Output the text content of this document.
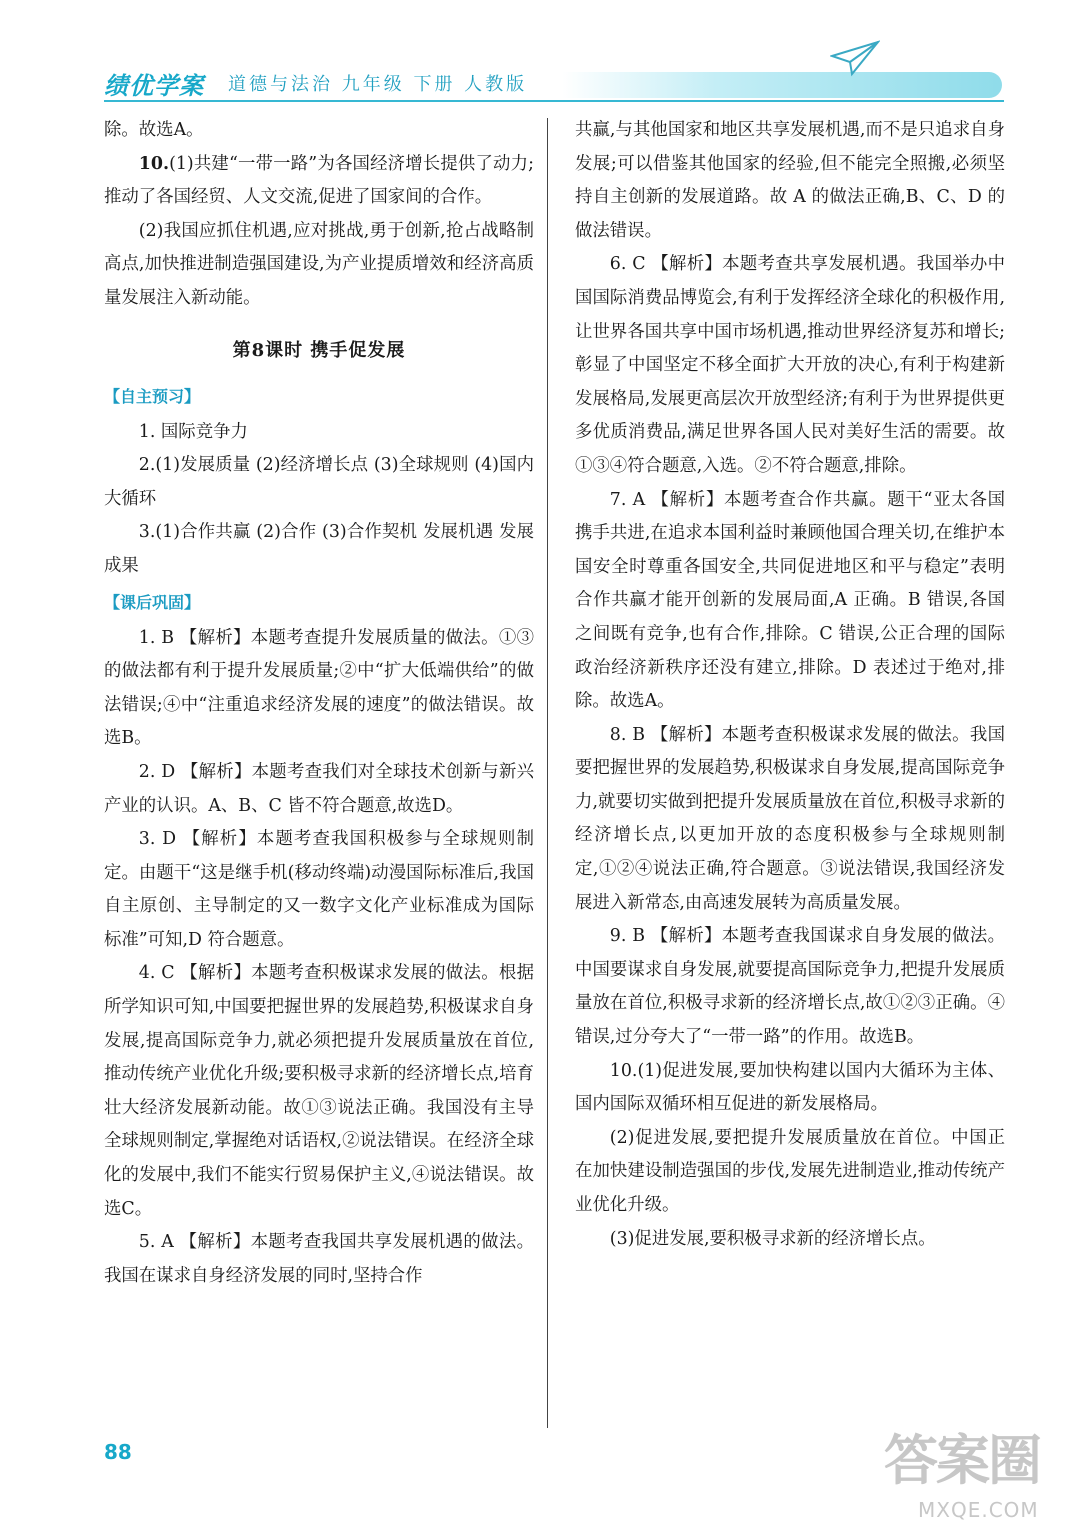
绩优学案 道德与法治 九年级 下册 人教版

除。故选A。

10.(1)共建“一带一路”为各国经济增长提供了动力;推动了各国经贸、人文交流,促进了国家间的合作。

(2)我国应抓住机遇,应对挑战,勇于创新,抢占战略制高点,加快推进制造强国建设,为产业提质增效和经济高质量发展注入新动能。

第8课时 携手促发展
【自主预习】

1. 国际竞争力

2.(1)发展质量 (2)经济增长点 (3)全球规则 (4)国内大循环

3.(1)合作共赢 (2)合作 (3)合作契机 发展机遇 发展成果

【课后巩固】

1. B 【解析】本题考查提升发展质量的做法。①③的做法都有利于提升发展质量;②中“扩大低端供给”的做法错误;④中“注重追求经济发展的速度”的做法错误。故选B。

2. D 【解析】本题考查我们对全球技术创新与新兴产业的认识。A、B、C 皆不符合题意,故选D。

3. D 【解析】本题考查我国积极参与全球规则制定。由题干“这是继手机(移动终端)动漫国际标准后,我国自主原创、主导制定的又一数字文化产业标准成为国际标准”可知,D 符合题意。

4. C 【解析】本题考查积极谋求发展的做法。根据所学知识可知,中国要把握世界的发展趋势,积极谋求自身发展,提高国际竞争力,就必须把提升发展质量放在首位,推动传统产业优化升级;要积极寻求新的经济增长点,培育壮大经济发展新动能。故①③说法正确。我国没有主导全球规则制定,掌握绝对话语权,②说法错误。在经济全球化的发展中,我们不能实行贸易保护主义,④说法错误。故选C。

5. A 【解析】本题考查我国共享发展机遇的做法。我国在谋求自身经济发展的同时,坚持合作

共赢,与其他国家和地区共享发展机遇,而不是只追求自身发展;可以借鉴其他国家的经验,但不能完全照搬,必须坚持自主创新的发展道路。故 A 的做法正确,B、C、D 的做法错误。

6. C 【解析】本题考查共享发展机遇。我国举办中国国际消费品博览会,有利于发挥经济全球化的积极作用,让世界各国共享中国市场机遇,推动世界经济复苏和增长;彰显了中国坚定不移全面扩大开放的决心,有利于构建新发展格局,发展更高层次开放型经济;有利于为世界提供更多优质消费品,满足世界各国人民对美好生活的需要。故①③④符合题意,入选。②不符合题意,排除。

7. A 【解析】本题考查合作共赢。题干“亚太各国携手共进,在追求本国利益时兼顾他国合理关切,在维护本国安全时尊重各国安全,共同促进地区和平与稳定”表明合作共赢才能开创新的发展局面,A 正确。B 错误,各国之间既有竞争,也有合作,排除。C 错误,公正合理的国际政治经济新秩序还没有建立,排除。D 表述过于绝对,排除。故选A。

8. B 【解析】本题考查积极谋求发展的做法。我国要把握世界的发展趋势,积极谋求自身发展,提高国际竞争力,就要切实做到把提升发展质量放在首位,积极寻求新的经济增长点,以更加开放的态度积极参与全球规则制定,①②④说法正确,符合题意。③说法错误,我国经济发展进入新常态,由高速发展转为高质量发展。

9. B 【解析】本题考查我国谋求自身发展的做法。中国要谋求自身发展,就要提高国际竞争力,把提升发展质量放在首位,积极寻求新的经济增长点,故①②③正确。④错误,过分夸大了“一带一路”的作用。故选B。

10.(1)促进发展,要加快构建以国内大循环为主体、国内国际双循环相互促进的新发展格局。

(2)促进发展,要把提升发展质量放在首位。中国正在加快建设制造强国的步伐,发展先进制造业,推动传统产业优化升级。

(3)促进发展,要积极寻求新的经济增长点。

88	答案圈
MXQE.COM
